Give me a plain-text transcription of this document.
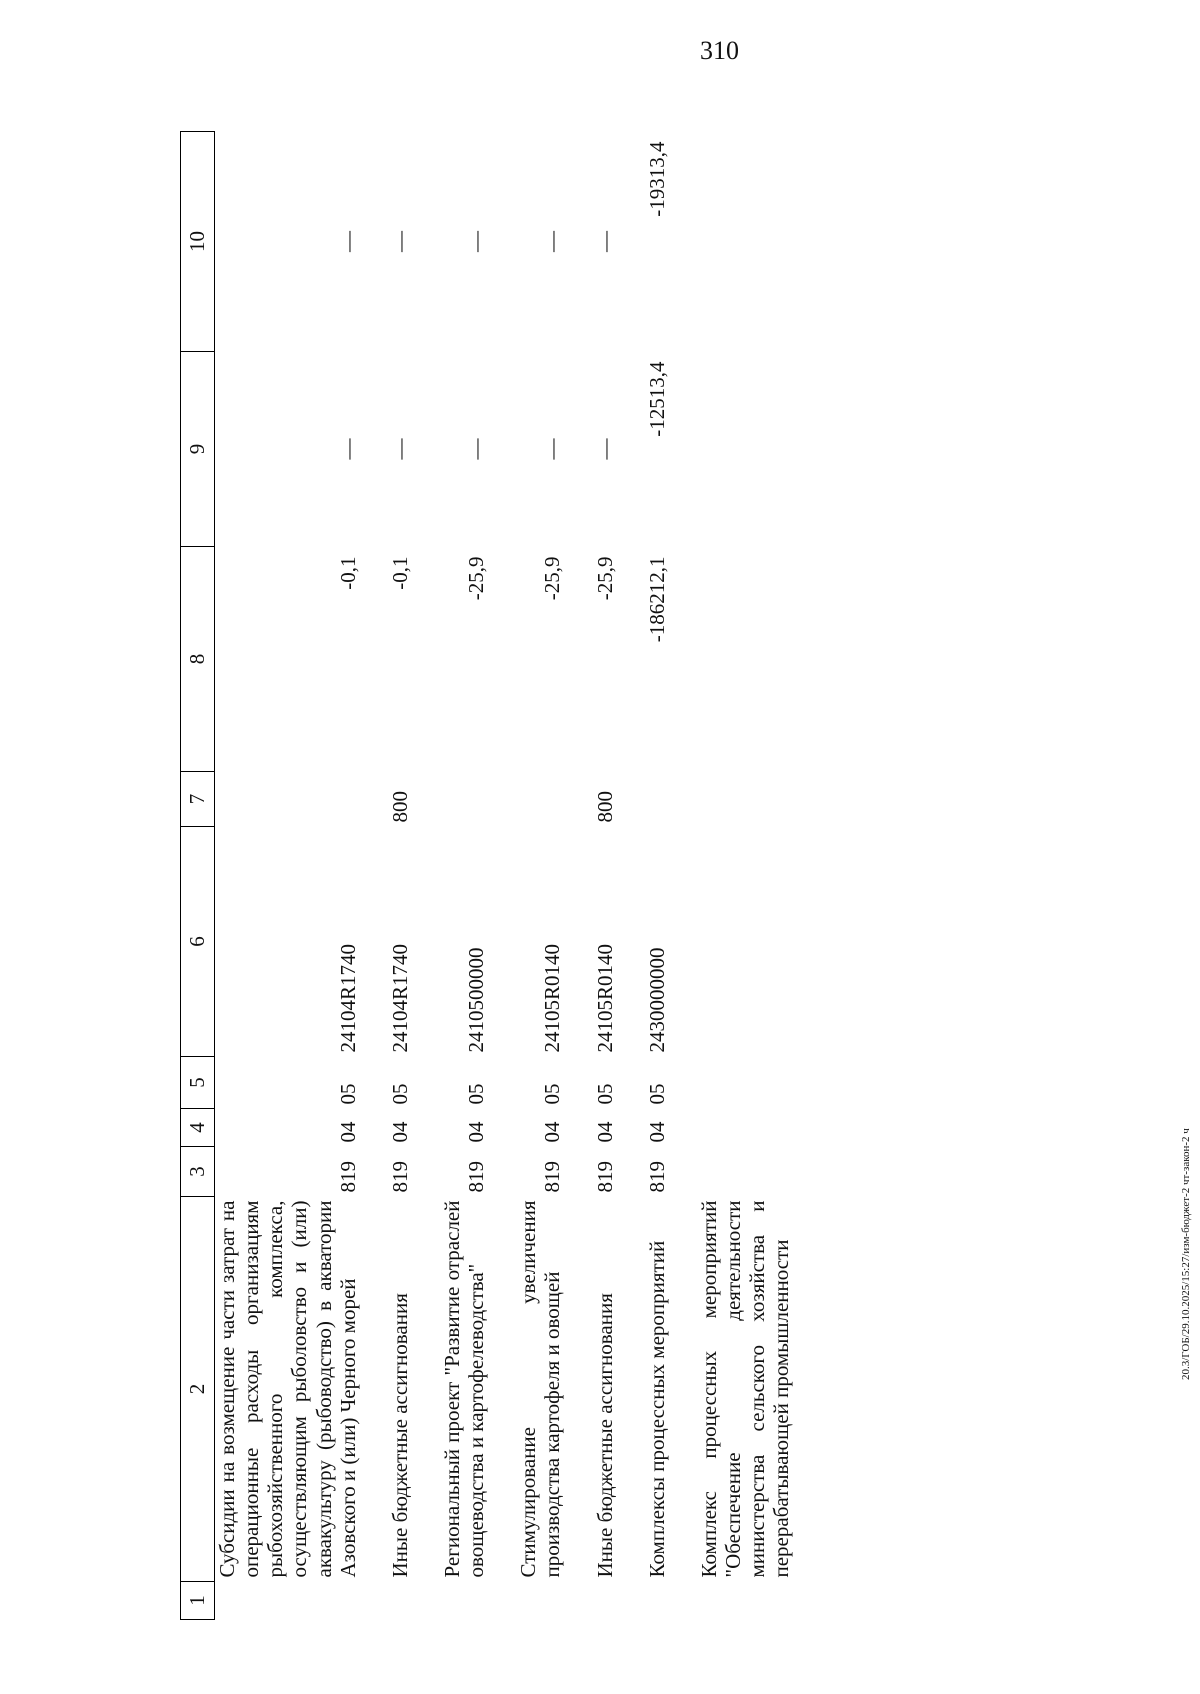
310
1	2	3	4	5	6	7	8	9	10
	Субсидии на возмещение части затрат на операционные расходы организациям рыбохозяйственного комплекса, осуществляющим рыболовство и (или) аквакультуру (рыбоводство) в акватории Азовского и (или) Черного морей	819	04	05	24104R1740		-0,1	—	—

	Иные бюджетные ассигнования	819	04	05	24104R1740	800	-0,1	—	—

	Региональный проект "Развитие отраслей овощеводства и картофелеводства"	819	04	05	2410500000		-25,9	—	—

	Стимулирование увеличения производства картофеля и овощей	819	04	05	24105R0140		-25,9	—	—

	Иные бюджетные ассигнования	819	04	05	24105R0140	800	-25,9	—	—

	Комплексы процессных мероприятий	819	04	05	2430000000		-186212,1	-12513,4	-19313,4

	Комплекс процессных мероприятий "Обеспечение деятельности министерства сельского хозяйства и перерабатывающей промышленности									20.3/ГОБ/29.10.2025/15:27/изм-бюджет-2 чт-закон-2 ч
